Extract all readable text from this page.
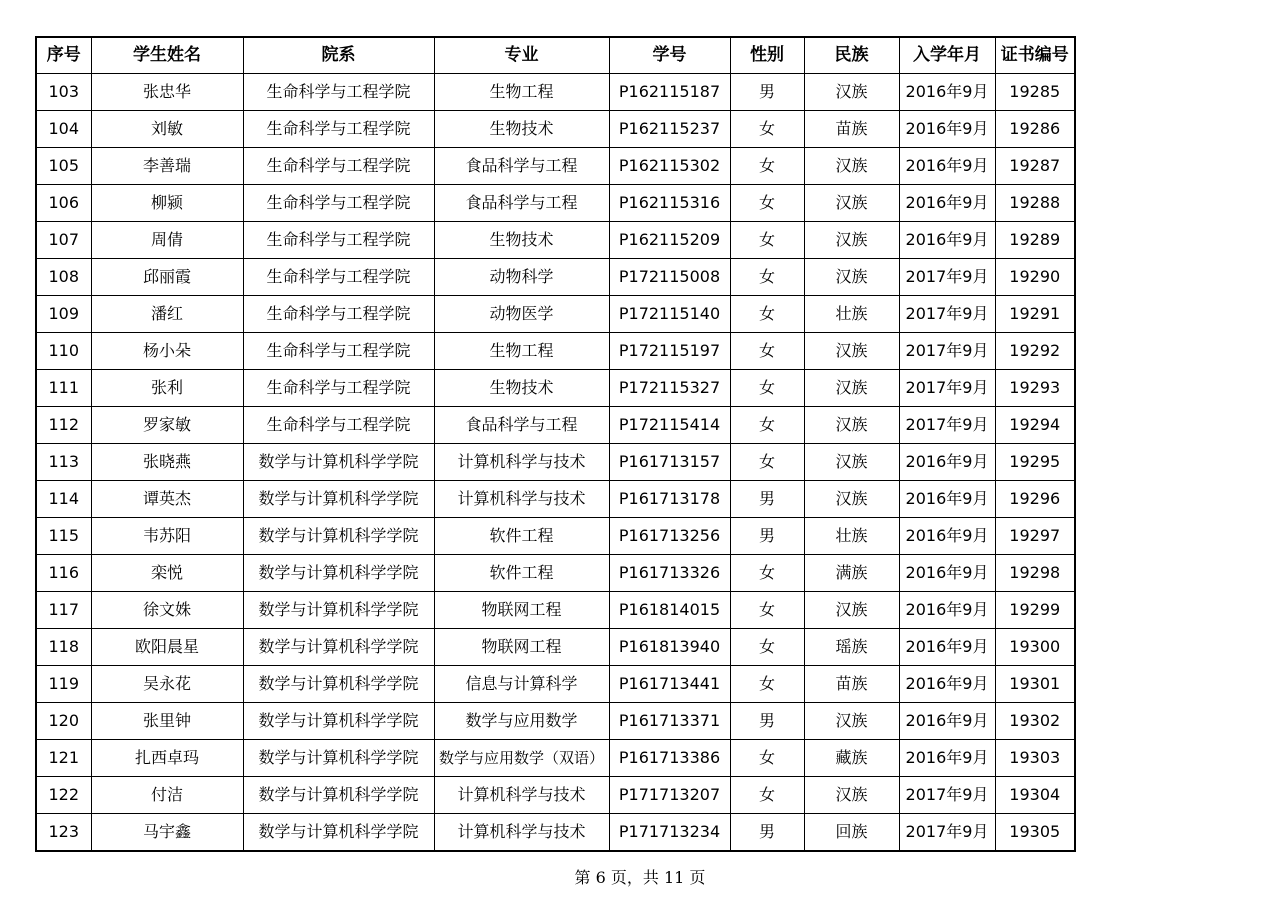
序号	学生姓名	院系	专业	学号	性别	民族	入学年月	证书编号
103	张忠华	生命科学与工程学院	生物工程	P162115187	男	汉族	2016年9月	19285
104	刘敏	生命科学与工程学院	生物技术	P162115237	女	苗族	2016年9月	19286
105	李善瑞	生命科学与工程学院	食品科学与工程	P162115302	女	汉族	2016年9月	19287
106	柳颍	生命科学与工程学院	食品科学与工程	P162115316	女	汉族	2016年9月	19288
107	周倩	生命科学与工程学院	生物技术	P162115209	女	汉族	2016年9月	19289
108	邱丽霞	生命科学与工程学院	动物科学	P172115008	女	汉族	2017年9月	19290
109	潘红	生命科学与工程学院	动物医学	P172115140	女	壮族	2017年9月	19291
110	杨小朵	生命科学与工程学院	生物工程	P172115197	女	汉族	2017年9月	19292
111	张利	生命科学与工程学院	生物技术	P172115327	女	汉族	2017年9月	19293
112	罗家敏	生命科学与工程学院	食品科学与工程	P172115414	女	汉族	2017年9月	19294
113	张晓燕	数学与计算机科学学院	计算机科学与技术	P161713157	女	汉族	2016年9月	19295
114	谭英杰	数学与计算机科学学院	计算机科学与技术	P161713178	男	汉族	2016年9月	19296
115	韦苏阳	数学与计算机科学学院	软件工程	P161713256	男	壮族	2016年9月	19297
116	栾悦	数学与计算机科学学院	软件工程	P161713326	女	满族	2016年9月	19298
117	徐文姝	数学与计算机科学学院	物联网工程	P161814015	女	汉族	2016年9月	19299
118	欧阳晨星	数学与计算机科学学院	物联网工程	P161813940	女	瑶族	2016年9月	19300
119	吴永花	数学与计算机科学学院	信息与计算科学	P161713441	女	苗族	2016年9月	19301
120	张里钟	数学与计算机科学学院	数学与应用数学	P161713371	男	汉族	2016年9月	19302
121	扎西卓玛	数学与计算机科学学院	数学与应用数学（双语）	P161713386	女	藏族	2016年9月	19303
122	付洁	数学与计算机科学学院	计算机科学与技术	P171713207	女	汉族	2017年9月	19304
123	马宇鑫	数学与计算机科学学院	计算机科学与技术	P171713234	男	回族	2017年9月	19305
第 6 页，共 11 页
